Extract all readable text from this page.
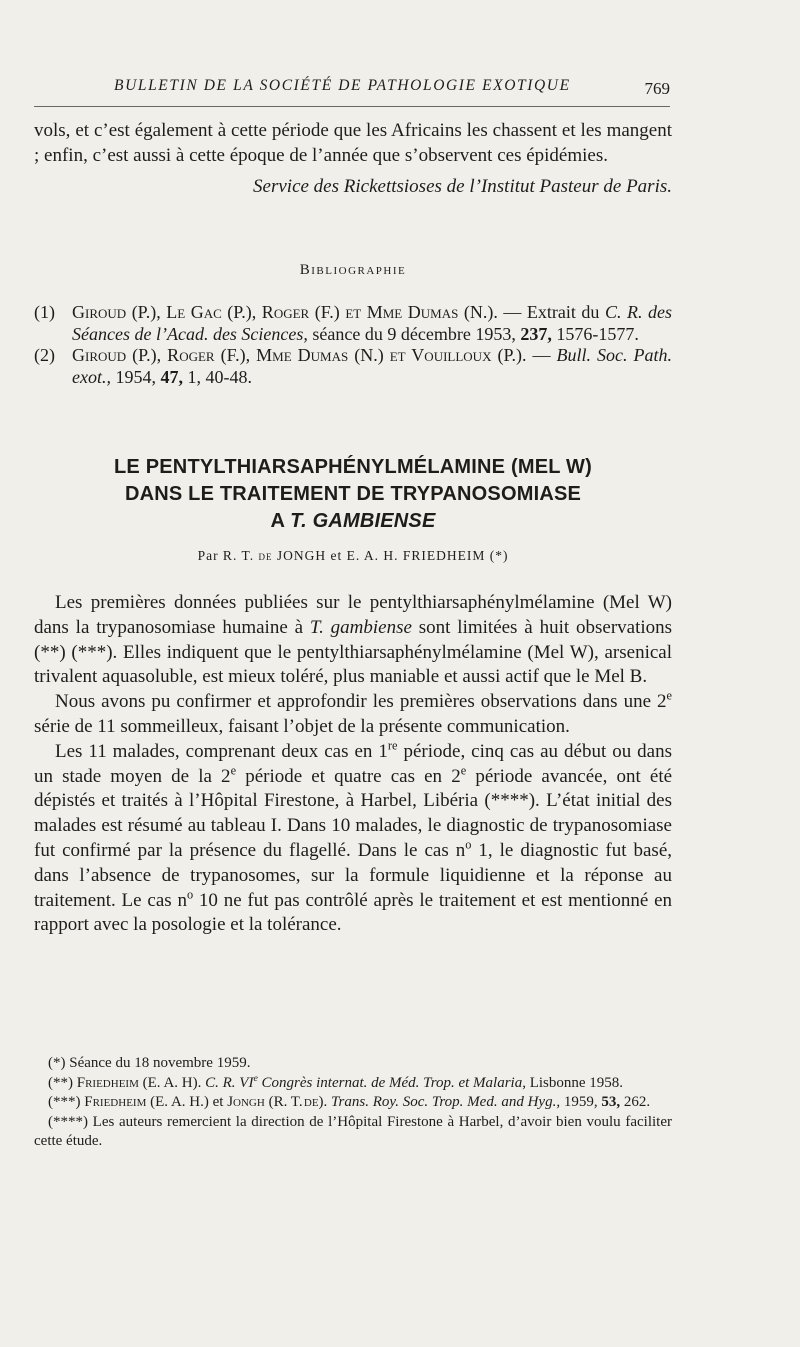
BULLETIN DE LA SOCIÉTÉ DE PATHOLOGIE EXOTIQUE	769

vols, et c’est également à cette période que les Africains les chassent et les mangent ; enfin, c’est aussi à cette époque de l’année que s’observent ces épidémies.

Service des Rickettsioses de l’Institut Pasteur de Paris.

Bibliographie

(1) Giroud (P.), Le Gac (P.), Roger (F.) et Mme Dumas (N.). — Extrait du C. R. des Séances de l’Acad. des Sciences, séance du 9 décembre 1953, 237, 1576-1577.
(2) Giroud (P.), Roger (F.), Mme Dumas (N.) et Vouilloux (P.). — Bull. Soc. Path. exot., 1954, 47, 1, 40-48.

LE PENTYLTHIARSAPHÉNYLMÉLAMINE (MEL W)

DANS LE TRAITEMENT DE TRYPANOSOMIASE

A T. GAMBIENSE

Par R. T. de JONGH et E. A. H. FRIEDHEIM (*)

Les premières données publiées sur le pentylthiarsaphénylmélamine (Mel W) dans la trypanosomiase humaine à T. gambiense sont limitées à huit observations (**) (***). Elles indiquent que le pentylthiarsaphénylmélamine (Mel W), arsenical trivalent aquasoluble, est mieux toléré, plus maniable et aussi actif que le Mel B.

Nous avons pu confirmer et approfondir les premières observations dans une 2e série de 11 sommeilleux, faisant l’objet de la présente communication.

Les 11 malades, comprenant deux cas en 1re période, cinq cas au début ou dans un stade moyen de la 2e période et quatre cas en 2e période avancée, ont été dépistés et traités à l’Hôpital Firestone, à Harbel, Libéria (****). L’état initial des malades est résumé au tableau I. Dans 10 malades, le diagnostic de trypanosomiase fut confirmé par la présence du flagellé. Dans le cas $n^o$ 1, le diagnostic fut basé, dans l’absence de trypanosomes, sur la formule liquidienne et la réponse au traitement. Le cas $n^o$ 10 ne fut pas contrôlé après le traitement et est mentionné en rapport avec la posologie et la tolérance.

(*) Séance du 18 novembre 1959.

(**) Friedheim (E. A. H). C. R. VIe Congrès internat. de Méd. Trop. et Malaria, Lisbonne 1958.

(***) Friedheim (E. A. H.) et Jongh (R. T. de). Trans. Roy. Soc. Trop. Med. and Hyg., 1959, 53, 262.

(****) Les auteurs remercient la direction de l’Hôpital Firestone à Harbel, d’avoir bien voulu faciliter cette étude.
